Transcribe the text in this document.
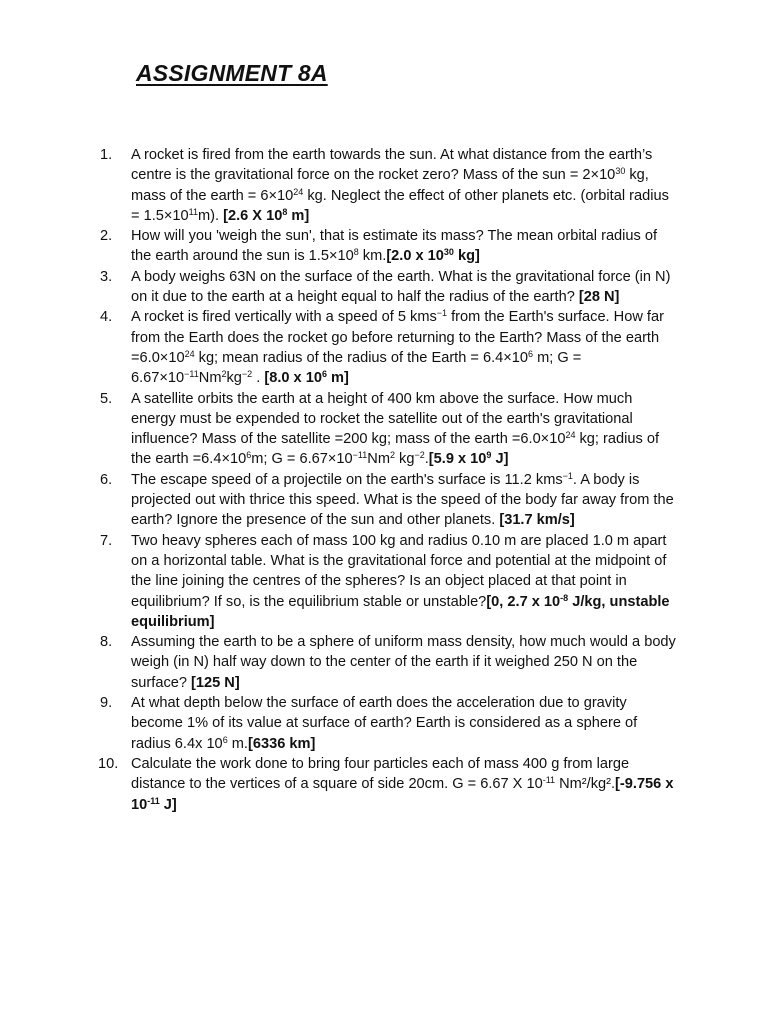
ASSIGNMENT 8A
1.	A rocket is fired from the earth towards the sun. At what distance from the earth’s centre is the gravitational force on the rocket zero? Mass of the sun = $2\times 10^{30}$ kg, mass of the earth = $6\times 10^{24}$ kg. Neglect the effect of other planets etc. (orbital radius = $1.5\times 10^{11}m$). [2.6 X $10^8$ m]
2.	How will you 'weigh the sun', that is estimate its mass? The mean orbital radius of the earth around the sun is $1.5\times 10^8$ km.[2.0 x $10^{30}$ kg]
3.	A body weighs 63N on the surface of the earth. What is the gravitational force (in N) on it due to the earth at a height equal to half the radius of the earth? [28 N]
4.	A rocket is fired vertically with a speed of 5 kms$^{-1}$ from the Earth's surface. How far from the Earth does the rocket go before returning to the Earth? Mass of the earth $=6.0\times 10^{24}$ kg; mean radius of the radius of the Earth = $6.4\times 10^6$ m; $G = 6.67\times 10^{-11}Nm^2kg^{-2}$ . [8.0 x $10^6$ m]
5.	A satellite orbits the earth at a height of 400 km above the surface. How much energy must be expended to rocket the satellite out of the earth's gravitational influence? Mass of the satellite =200 kg; mass of the earth $=6.0\times 10^{24}$ kg; radius of the earth $=6.4\times 10^6m$; $G = 6.67\times 10^{-11}Nm^2$ $kg^{-2}.[5.9$ x $10^9$ J]
6.	The escape speed of a projectile on the earth's surface is 11.2 kms$^{-1}$. A body is projected out with thrice this speed. What is the speed of the body far away from the earth? Ignore the presence of the sun and other planets. [31.7 km/s]
7.	Two heavy spheres each of mass 100 kg and radius 0.10 m are placed 1.0 m apart on a horizontal table. What is the gravitational force and potential at the midpoint of the line joining the centres of the spheres? Is an object placed at that point in equilibrium? If so, is the equilibrium stable or unstable?[0, 2.7 x $10^{-8}$ J/kg, unstable equilibrium]
8.	Assuming the earth to be a sphere of uniform mass density, how much would a body weigh (in N) half way down to the center of the earth if it weighed 250 N on the surface? [125 N]
9.	At what depth below the surface of earth does the acceleration due to gravity become 1% of its value at surface of earth? Earth is considered as a sphere of radius 6.4x $10^6$ m.[6336 km]
10. Calculate the work done to bring four particles each of mass 400 g from large distance to the vertices of a square of side 20cm. G = 6.67 X $10^{-11}$ Nm²/kg².[-9.756 x $10^{-11}$ J]
